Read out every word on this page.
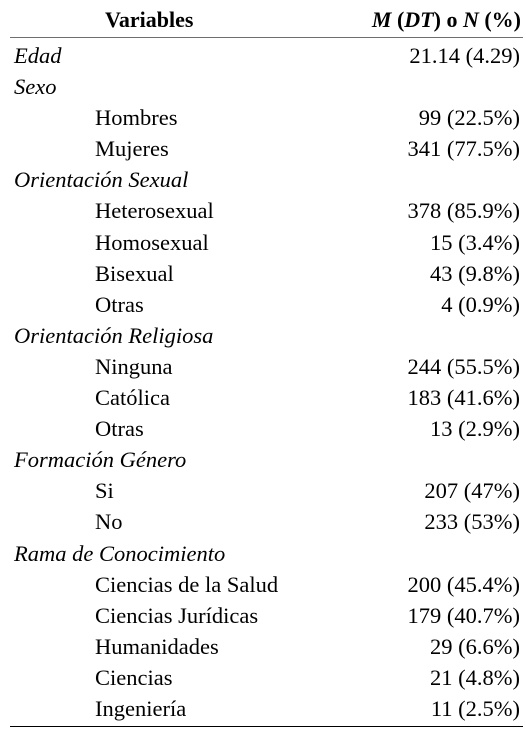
Variables	M (DT) o N (%)
Edad	21.14 (4.29)
Sexo
Hombres	99 (22.5%)
Mujeres	341 (77.5%)
Orientación Sexual
Heterosexual	378 (85.9%)
Homosexual	15 (3.4%)
Bisexual	43 (9.8%)
Otras	4 (0.9%)
Orientación Religiosa
Ninguna	244 (55.5%)
Católica	183 (41.6%)
Otras	13 (2.9%)
Formación Género
Si	207 (47%)
No	233 (53%)
Rama de Conocimiento
Ciencias de la Salud	200 (45.4%)
Ciencias Jurídicas	179 (40.7%)
Humanidades	29 (6.6%)
Ciencias	21 (4.8%)
Ingeniería	11 (2.5%)
